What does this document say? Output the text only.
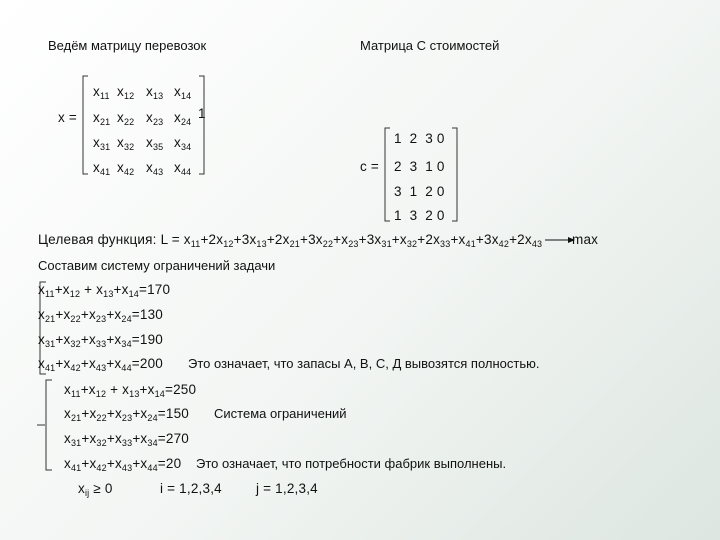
Ведём матрицу перевозок	Матрица С стоимостей
x =
$x_{11}$ $x_{12}$ $x_{13}$ $x_{14}$
$x_{21}$ $x_{22}$ $x_{23}$ $x_{24}$
$x_{31}$ $x_{32}$ $x_{35}$ $x_{34}$
$x_{41}$ $x_{42}$ $x_{43}$ $x_{44}$
1
c =
1  2  3 0
2  3  1 0
3  1  2 0
1  3  2 0
Целевая функция: $L = x_{11}+2x_{12}+3x_{13}+2x_{21}+3x_{22}+x_{23}+3x_{31}+x_{32}+2x_{33}+x_{41}+3x_{42}+2x_{43}$ max
Составим систему ограничений задачи
$x_{11}+x_{12} + x_{13}+x_{14}=170$
$x_{21}+x_{22}+x_{23}+x_{24}=130$
$x_{31}+x_{32}+x_{33}+x_{34}=190$
$x_{41}+x_{42}+x_{43}+x_{44}=200$ Это означает, что запасы А, В, С, Д вывозятся полностью.
$x_{11}+x_{12} + x_{13}+x_{14}=250$
$x_{21}+x_{22}+x_{23}+x_{24}=150$
$x_{31}+x_{32}+x_{33}+x_{34}=270$
$x_{41}+x_{42}+x_{43}+x_{44}=20$
Система ограничений
Это означает, что потребности фабрик выполнены.
$x_{ij} \ge 0$	i = 1,2,3,4	j = 1,2,3,4
